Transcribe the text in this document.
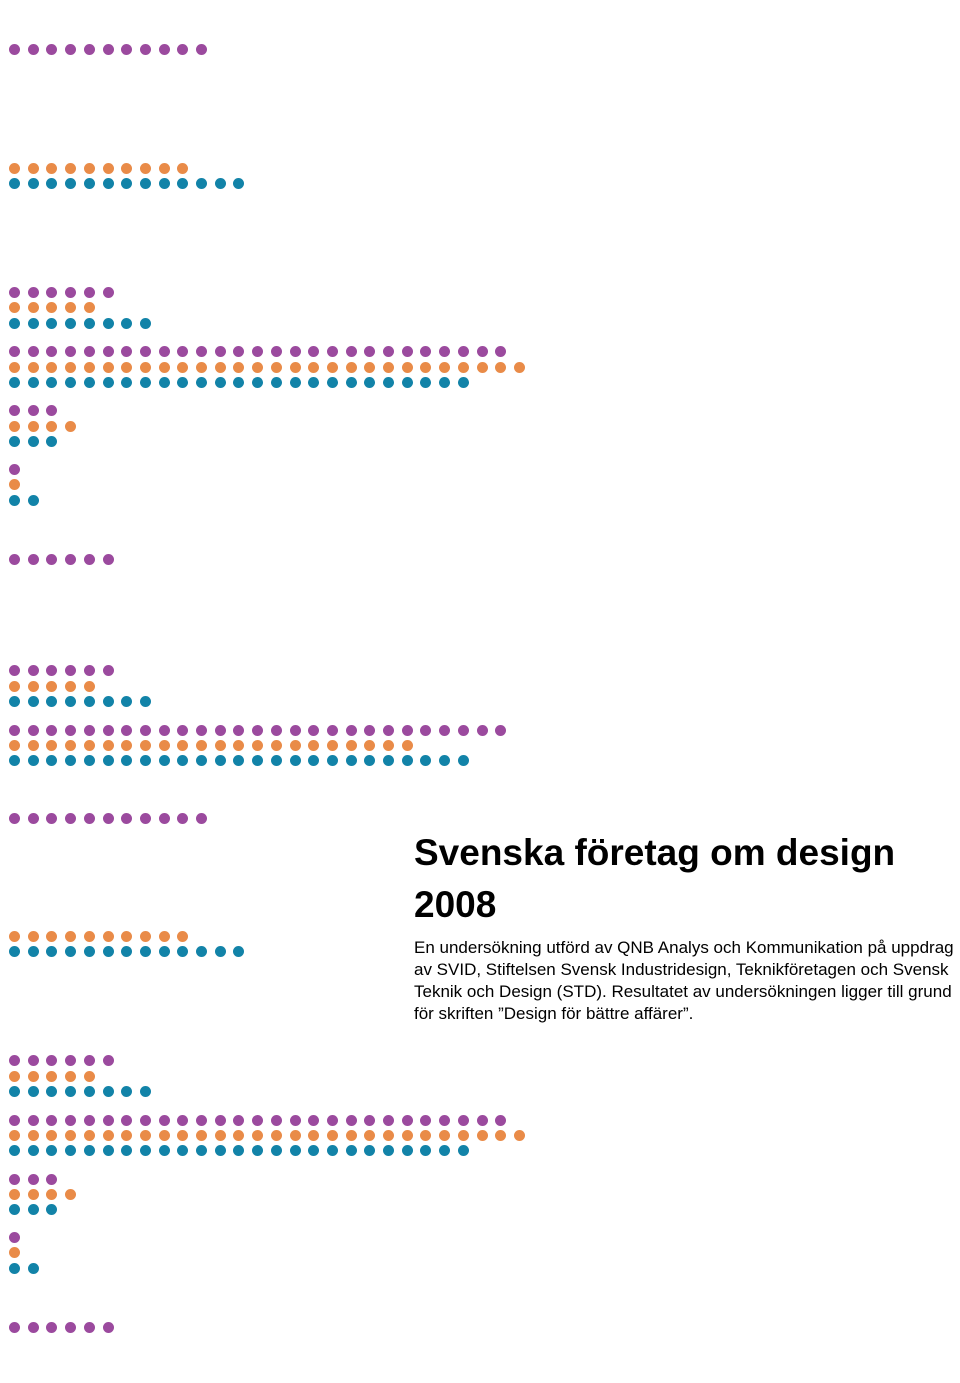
Svenska företag om design
2008

En undersökning utförd av QNB Analys och Kommunikation på uppdrag av SVID, Stiftelsen Svensk Industridesign, Teknikföretagen och Svensk Teknik och Design (STD). Resultatet av undersökningen ligger till grund för skriften ”Design för bättre affärer”.
